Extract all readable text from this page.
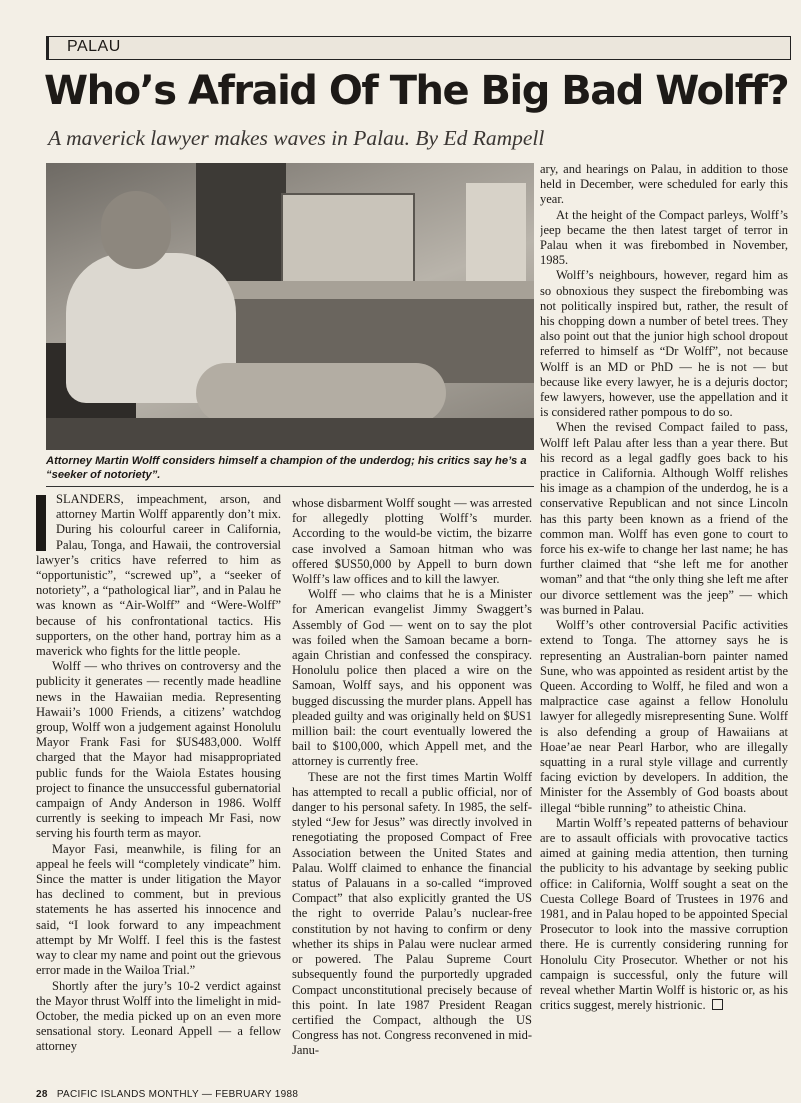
PALAU
Who’s Afraid Of The Big Bad Wolff?
A maverick lawyer makes waves in Palau. By Ed Rampell
Attorney Martin Wolff considers himself a champion of the underdog; his critics say he’s a “seeker of notoriety”.

SLANDERS, impeachment, arson, and attorney Martin Wolff apparently don’t mix. During his colourful career in California, Palau, Tonga, and Hawaii, the controversial lawyer’s critics have referred to him as “opportunistic”, “screwed up”, a “seeker of notoriety”, a “pathological liar”, and in Palau he was known as “Air-Wolff” and “Were-Wolff” because of his confrontational tactics. His supporters, on the other hand, portray him as a maverick who fights for the little people.

Wolff — who thrives on controversy and the publicity it generates — recently made headline news in the Hawaiian media. Representing Hawaii’s 1000 Friends, a citizens’ watchdog group, Wolff won a judgement against Honolulu Mayor Frank Fasi for $US483,000. Wolff charged that the Mayor had misappropriated public funds for the Waiola Estates housing project to finance the unsuccessful gubernatorial campaign of Andy Anderson in 1986. Wolff currently is seeking to impeach Mr Fasi, now serving his fourth term as mayor.

Mayor Fasi, meanwhile, is filing for an appeal he feels will “completely vindicate” him. Since the matter is under litigation the Mayor has declined to comment, but in previous statements he has asserted his innocence and said, “I look forward to any impeachment attempt by Mr Wolff. I feel this is the fastest way to clear my name and point out the grievous error made in the Wailoa Trial.”

Shortly after the jury’s 10-2 verdict against the Mayor thrust Wolff into the limelight in mid-October, the media picked up on an even more sensational story. Leonard Appell — a fellow attorney

whose disbarment Wolff sought — was arrested for allegedly plotting Wolff’s murder. According to the would-be victim, the bizarre case involved a Samoan hitman who was offered $US50,000 by Appell to burn down Wolff’s law offices and to kill the lawyer.

Wolff — who claims that he is a Minister for American evangelist Jimmy Swaggert’s Assembly of God — went on to say the plot was foiled when the Samoan became a born-again Christian and confessed the conspiracy. Honolulu police then placed a wire on the Samoan, Wolff says, and his opponent was bugged discussing the murder plans. Appell has pleaded guilty and was originally held on $US1 million bail: the court eventually lowered the bail to $100,000, which Appell met, and the attorney is currently free.

These are not the first times Martin Wolff has attempted to recall a public official, nor of danger to his personal safety. In 1985, the self-styled “Jew for Jesus” was directly involved in renegotiating the proposed Compact of Free Association between the United States and Palau. Wolff claimed to enhance the financial status of Palauans in a so-called “improved Compact” that also explicitly granted the US the right to override Palau’s nuclear-free constitution by not having to confirm or deny whether its ships in Palau were nuclear armed or powered. The Palau Supreme Court subsequently found the purportedly upgraded Compact unconstitutional precisely because of this point. In late 1987 President Reagan certified the Compact, although the US Congress has not. Congress reconvened in mid-Janu-

ary, and hearings on Palau, in addition to those held in December, were scheduled for early this year.

At the height of the Compact parleys, Wolff’s jeep became the then latest target of terror in Palau when it was firebombed in November, 1985.

Wolff’s neighbours, however, regard him as so obnoxious they suspect the firebombing was not politically inspired but, rather, the result of his chopping down a number of betel trees. They also point out that the junior high school dropout referred to himself as “Dr Wolff”, not because Wolff is an MD or PhD — he is not — but because like every lawyer, he is a dejuris doctor; few lawyers, however, use the appellation and it is considered rather pompous to do so.

When the revised Compact failed to pass, Wolff left Palau after less than a year there. But his record as a legal gadfly goes back to his practice in California. Although Wolff relishes his image as a champion of the underdog, he is a conservative Republican and not since Lincoln has this party been known as a friend of the common man. Wolff has even gone to court to force his ex-wife to change her last name; he has further claimed that “she left me for another woman” and that “the only thing she left me after our divorce settlement was the jeep” — which was burned in Palau.

Wolff’s other controversial Pacific activities extend to Tonga. The attorney says he is representing an Australian-born painter named Sune, who was appointed as resident artist by the Queen. According to Wolff, he filed and won a malpractice case against a fellow Honolulu lawyer for allegedly misrepresenting Sune. Wolff is also defending a group of Hawaiians at Hoae’ae near Pearl Harbor, who are illegally squatting in a rural style village and currently facing eviction by developers. In addition, the Minister for the Assembly of God boasts about illegal “bible running” to atheistic China.

Martin Wolff’s repeated patterns of behaviour are to assault officials with provocative tactics aimed at gaining media attention, then turning the publicity to his advantage by seeking public office: in California, Wolff sought a seat on the Cuesta College Board of Trustees in 1976 and 1981, and in Palau hoped to be appointed Special Prosecutor to look into the massive corruption there. He is currently considering running for Honolulu City Prosecutor. Whether or not his campaign is successful, only the future will reveal whether Martin Wolff is historic or, as his critics suggest, merely histrionic.

28 PACIFIC ISLANDS MONTHLY — FEBRUARY 1988
